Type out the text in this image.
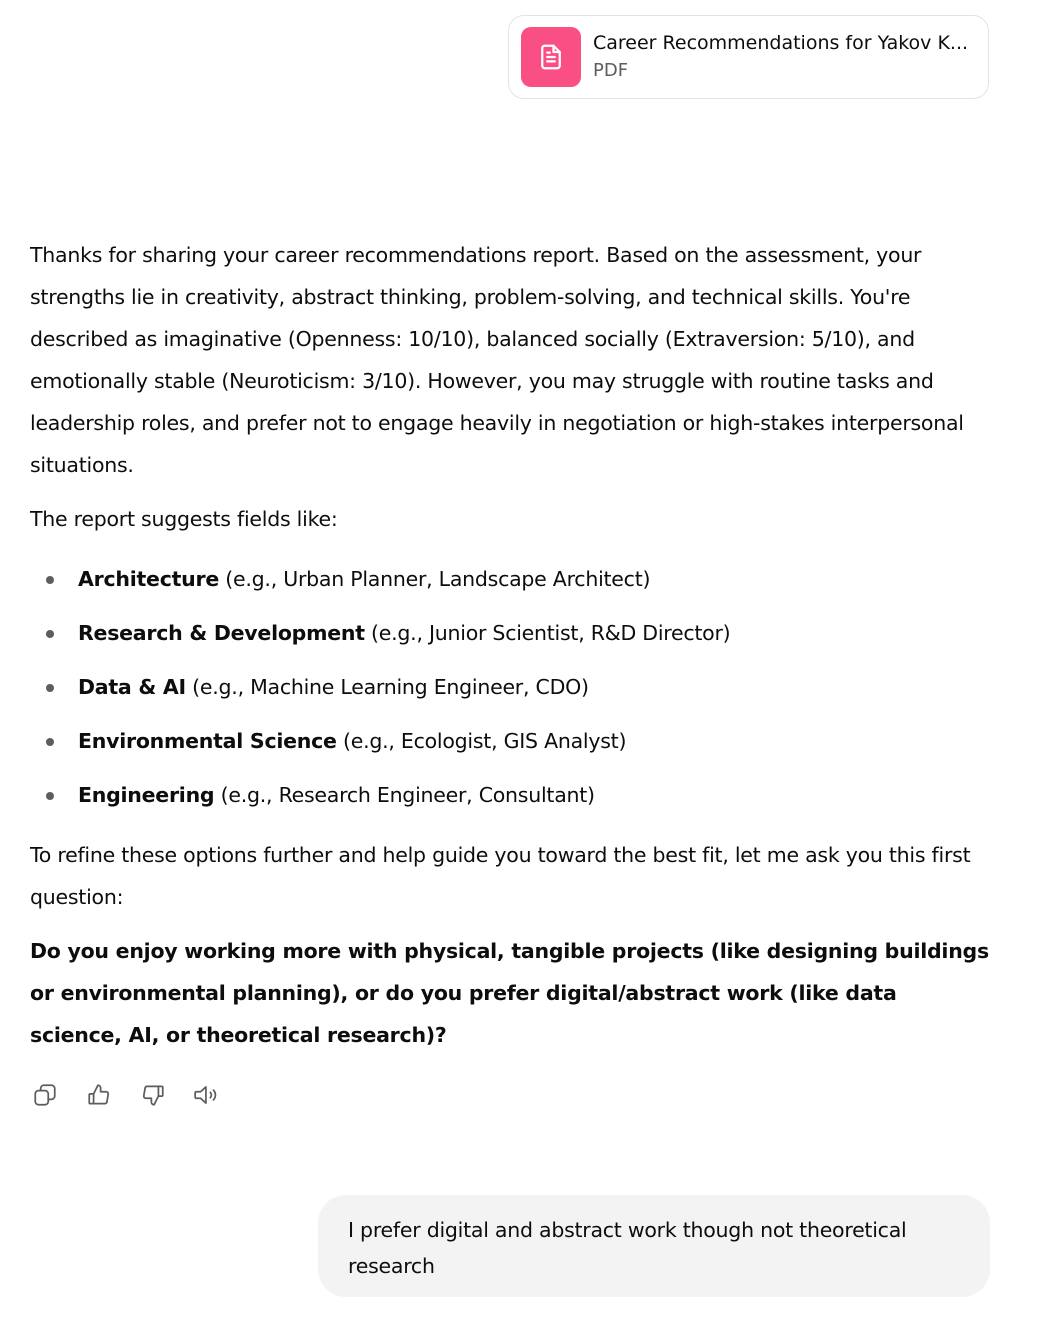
Career Recommendations for Yakov K...
PDF

Thanks for sharing your career recommendations report. Based on the assessment, your strengths lie in creativity, abstract thinking, problem-solving, and technical skills. You're described as imaginative (Openness: 10/10), balanced socially (Extraversion: 5/10), and emotionally stable (Neuroticism: 3/10). However, you may struggle with routine tasks and leadership roles, and prefer not to engage heavily in negotiation or high-stakes interpersonal situations.

The report suggests fields like:

Architecture (e.g., Urban Planner, Landscape Architect)
Research & Development (e.g., Junior Scientist, R&D Director)
Data & AI (e.g., Machine Learning Engineer, CDO)
Environmental Science (e.g., Ecologist, GIS Analyst)
Engineering (e.g., Research Engineer, Consultant)

To refine these options further and help guide you toward the best fit, let me ask you this first question:

Do you enjoy working more with physical, tangible projects (like designing buildings or environmental planning), or do you prefer digital/abstract work (like data science, AI, or theoretical research)?

I prefer digital and abstract work though not theoretical research
